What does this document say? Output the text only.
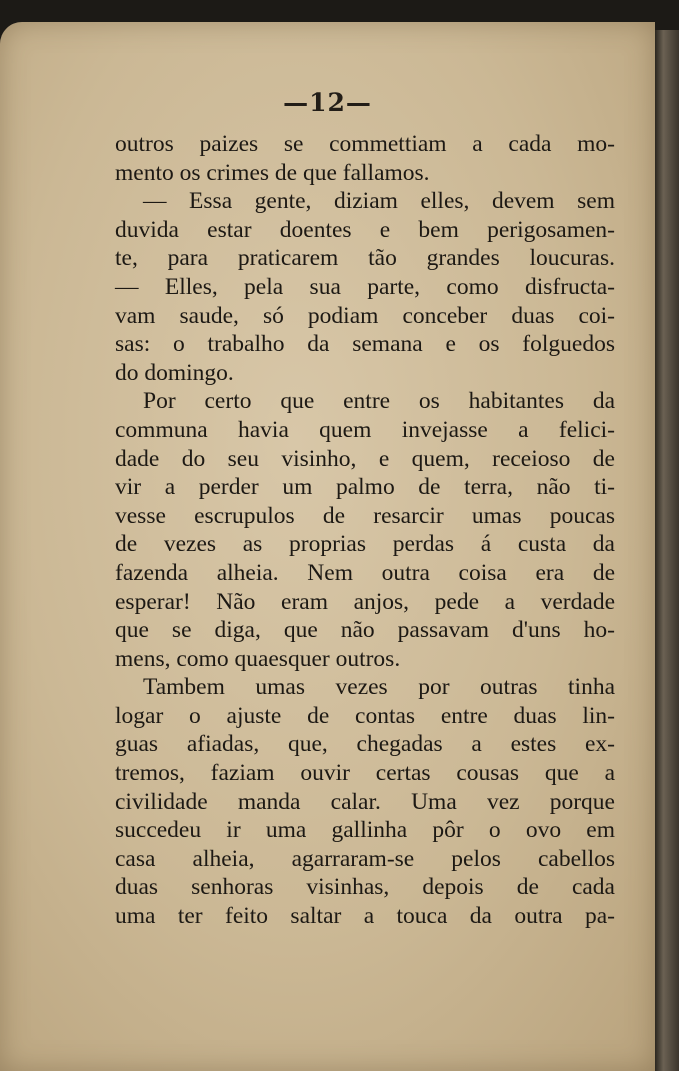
—12—
outros paizes se commettiam a cada mo-
mento os crimes de que fallamos.
— Essa gente, diziam elles, devem sem
duvida estar doentes e bem perigosamen-
te, para praticarem tão grandes loucuras.
— Elles, pela sua parte, como disfructa-
vam saude, só podiam conceber duas coi-
sas: o trabalho da semana e os folguedos
do domingo.
Por certo que entre os habitantes da
communa havia quem invejasse a felici-
dade do seu visinho, e quem, receioso de
vir a perder um palmo de terra, não ti-
vesse escrupulos de resarcir umas poucas
de vezes as proprias perdas á custa da
fazenda alheia. Nem outra coisa era de
esperar! Não eram anjos, pede a verdade
que se diga, que não passavam d'uns ho-
mens, como quaesquer outros.
Tambem umas vezes por outras tinha
logar o ajuste de contas entre duas lin-
guas afiadas, que, chegadas a estes ex-
tremos, faziam ouvir certas cousas que a
civilidade manda calar. Uma vez porque
succedeu ir uma gallinha pôr o ovo em
casa alheia, agarraram-se pelos cabellos
duas senhoras visinhas, depois de cada
uma ter feito saltar a touca da outra pa-
